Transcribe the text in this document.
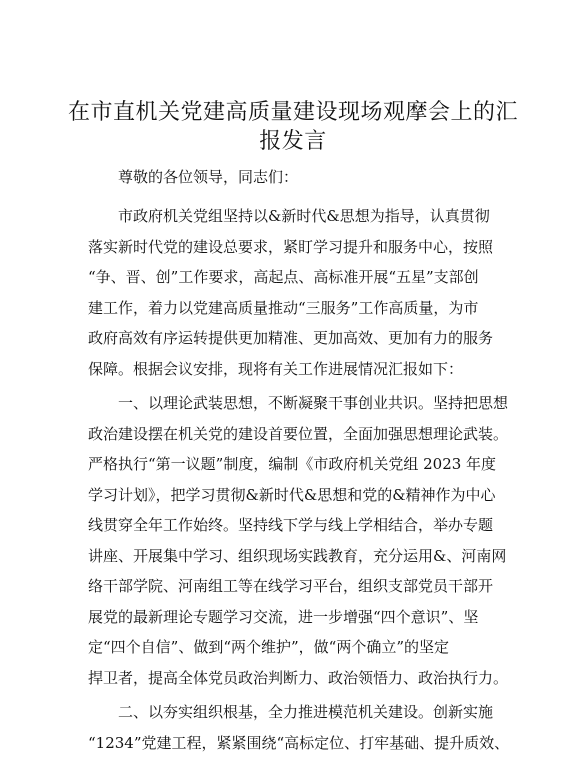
在市直机关党建高质量建设现场观摩会上的汇
报发言

尊敬的各位领导，同志们：

市政府机关党组坚持以&新时代&思想为指导，认真贯彻
落实新时代党的建设总要求，紧盯学习提升和服务中心，按照
“争、晋、创”工作要求，高起点、高标准开展“五星”支部创
建工作，着力以党建高质量推动“三服务”工作高质量，为市
政府高效有序运转提供更加精准、更加高效、更加有力的服务
保障。根据会议安排，现将有关工作进展情况汇报如下：

一、以理论武装思想，不断凝聚干事创业共识。坚持把思想
政治建设摆在机关党的建设首要位置，全面加强思想理论武装。
严格执行“第一议题”制度，编制《市政府机关党组 2023 年度
学习计划》，把学习贯彻&新时代&思想和党的&精神作为中心
线贯穿全年工作始终。坚持线下学与线上学相结合，举办专题
讲座、开展集中学习、组织现场实践教育，充分运用&、河南网
络干部学院、河南组工等在线学习平台，组织支部党员干部开
展党的最新理论专题学习交流，进一步增强“四个意识”、坚
定“四个自信”、做到“两个维护”，做“两个确立”的坚定
捍卫者，提高全体党员政治判断力、政治领悟力、政治执行力。

二、以夯实组织根基，全力推进模范机关建设。创新实施
“1234”党建工程，紧紧围绕“高标定位、打牢基础、提升质效、
